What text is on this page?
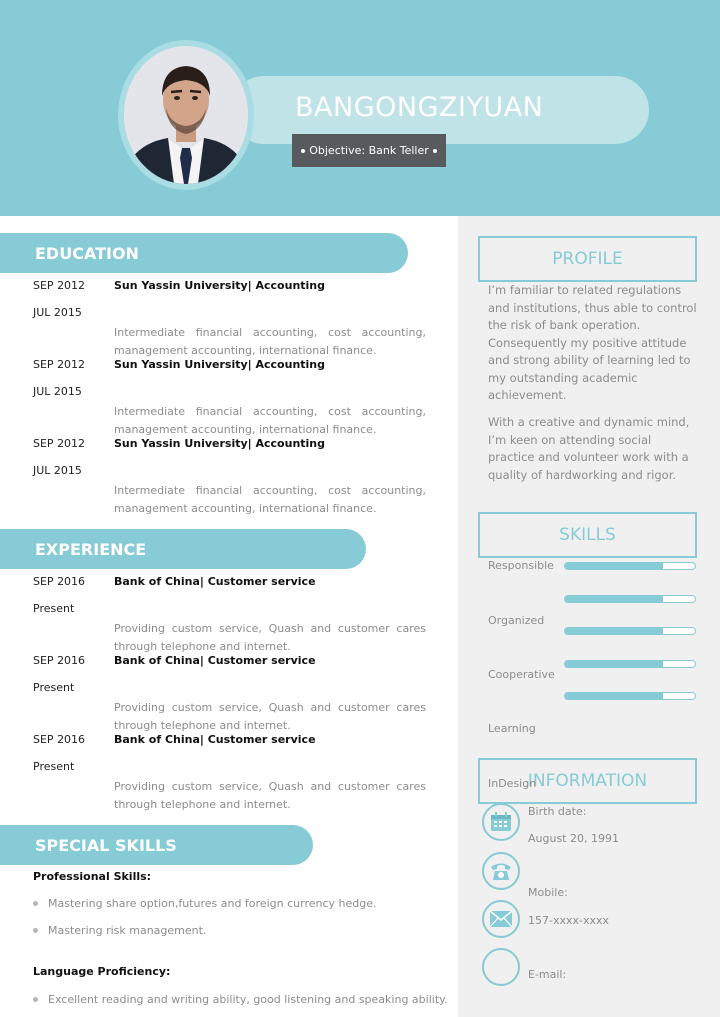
BANGONGZIYUAN
Objective: Bank Teller
PROFILE
I’m familiar to related regulations and institutions, thus able to control the risk of bank operation. Consequently my positive attitude and strong ability of learning led to my outstanding academic achievement.
With a creative and dynamic mind, I’m keen on attending social practice and volunteer work with a quality of hardworking and rigor.
SKILLS
Responsible
Organized
Cooperative
Learning
INFORMATION
InDesign
Birth date:
August 20, 1991
Mobile:
157-xxxx-xxxx
E-mail:
EDUCATION
SEP 2012	Sun Yassin University| Accounting
JUL 2015
Intermediate financial accounting, cost accounting, management accounting, international finance.
SEP 2012	Sun Yassin University| Accounting
JUL 2015
Intermediate financial accounting, cost accounting, management accounting, international finance.
SEP 2012	Sun Yassin University| Accounting
JUL 2015
Intermediate financial accounting, cost accounting, management accounting, international finance.
EXPERIENCE
SEP 2016	Bank of China| Customer service
Present
Providing custom service, Quash and customer cares through telephone and internet.
SEP 2016	Bank of China| Customer service
Present
Providing custom service, Quash and customer cares through telephone and internet.
SEP 2016	Bank of China| Customer service
Present
Providing custom service, Quash and customer cares through telephone and internet.
SPECIAL SKILLS
Professional Skills:
Mastering share option,futures and foreign currency hedge.
Mastering risk management.
Language Proficiency:
Excellent reading and writing ability, good listening and speaking ability.
